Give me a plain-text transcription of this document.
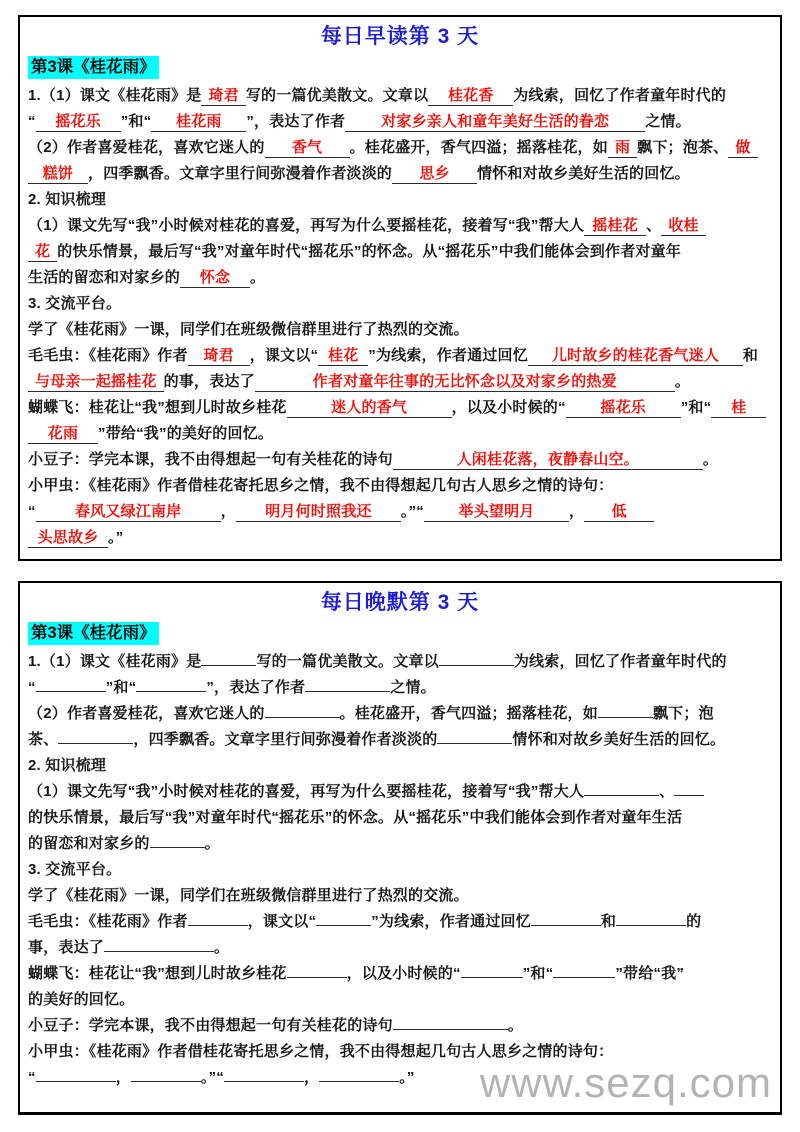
每日早读第 3 天
第3课《桂花雨》
1.（1）课文《桂花雨》是 琦君 写的一篇优美散文。文章以 桂花香 为线索，回忆了作者童年时代的
“ 摇花乐 ”和“ 桂花雨 ”，表达了作者 对家乡亲人和童年美好生活的眷恋 之情。
（2）作者喜爱桂花，喜欢它迷人的 香气 。桂花盛开，香气四溢；摇落桂花，如 雨 飘下；泡茶、 做
糕饼 ，四季飘香。文章字里行间弥漫着作者淡淡的 思乡 情怀和对故乡美好生活的回忆。
2. 知识梳理
（1）课文先写“我”小时候对桂花的喜爱，再写为什么要摇桂花，接着写“我”帮大人 摇桂花 、 收桂
花 的快乐情景，最后写“我”对童年时代“摇花乐”的怀念。从“摇花乐”中我们能体会到作者对童年
生活的留恋和对家乡的 怀念 。
3. 交流平台。
学了《桂花雨》一课，同学们在班级微信群里进行了热烈的交流。
毛毛虫：《桂花雨》作者 琦君 ，课文以“ 桂花 ”为线索，作者通过回忆 儿时故乡的桂花香气迷人 和
与母亲一起摇桂花 的事，表达了	作者对童年往事的无比怀念以及对家乡的热爱	。
蝴蝶飞：桂花让“我”想到儿时故乡桂花	迷人的香气	，以及小时候的“ 摇花乐 ”和“ 桂
花雨 ”带给“我”的美好的回忆。
小豆子：学完本课，我不由得想起一句有关桂花的诗句	人闲桂花落，夜静春山空。	。
小甲虫：《桂花雨》作者借桂花寄托思乡之情，我不由得想起几句古人思乡之情的诗句：
“	春风又绿江南岸	， 明月何时照我还 。”“ 举头望明月 ， 低
头思故乡 。”
每日晚默第 3 天
第3课《桂花雨》
1.（1）课文《桂花雨》是	写的一篇优美散文。文章以	为线索，回忆了作者童年时代的
“	”和“	”，表达了作者	之情。
（2）作者喜爱桂花，喜欢它迷人的	。桂花盛开，香气四溢；摇落桂花，如	飘下；泡
茶、	，四季飘香。文章字里行间弥漫着作者淡淡的	情怀和对故乡美好生活的回忆。
2. 知识梳理
（1）课文先写“我”小时候对桂花的喜爱，再写为什么要摇桂花，接着写“我”帮大人	、
的快乐情景，最后写“我”对童年时代“摇花乐”的怀念。从“摇花乐”中我们能体会到作者对童年生活
的留恋和对家乡的	。
3. 交流平台。
学了《桂花雨》一课，同学们在班级微信群里进行了热烈的交流。
毛毛虫：《桂花雨》作者	，课文以“	”为线索，作者通过回忆	和	的
事，表达了	。
蝴蝶飞：桂花让“我”想到儿时故乡桂花	，以及小时候的“	”和“	”带给“我”
的美好的回忆。
小豆子：学完本课，我不由得想起一句有关桂花的诗句	。
小甲虫：《桂花雨》作者借桂花寄托思乡之情，我不由得想起几句古人思乡之情的诗句：
“	，	。”“	，	。”	www.sezq.com
